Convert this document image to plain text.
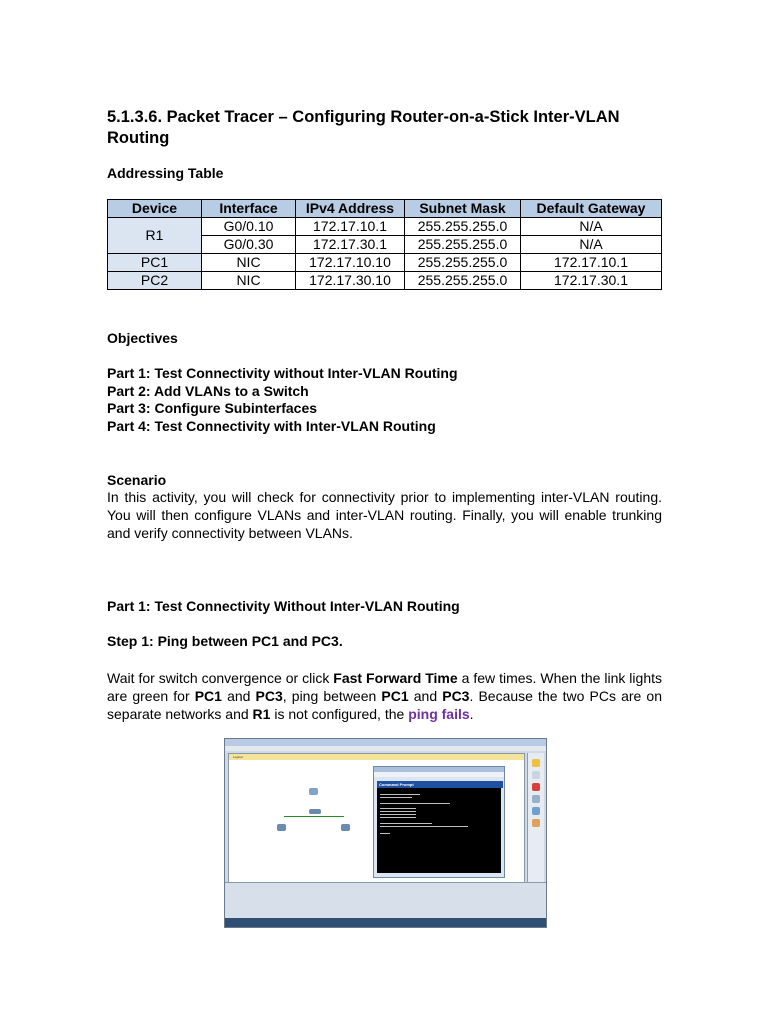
5.1.3.6. Packet Tracer – Configuring Router-on-a-Stick Inter-VLAN Routing
Addressing Table
Device	Interface	IPv4 Address	Subnet Mask	Default Gateway
R1	G0/0.10	172.17.10.1	255.255.255.0	N/A
	G0/0.30	172.17.30.1	255.255.255.0	N/A
PC1	NIC	172.17.10.10	255.255.255.0	172.17.10.1
PC2	NIC	172.17.30.10	255.255.255.0	172.17.30.1
Objectives
Part 1: Test Connectivity without Inter-VLAN Routing
Part 2: Add VLANs to a Switch
Part 3: Configure Subinterfaces
Part 4: Test Connectivity with Inter-VLAN Routing
Scenario
In this activity, you will check for connectivity prior to implementing inter-VLAN routing. You will then configure VLANs and inter-VLAN routing. Finally, you will enable trunking and verify connectivity between VLANs.
Part 1: Test Connectivity Without Inter-VLAN Routing
Step 1: Ping between PC1 and PC3.
Wait for switch convergence or click Fast Forward Time a few times. When the link lights are green for PC1 and PC3, ping between PC1 and PC3. Because the two PCs are on separate networks and R1 is not configured, the ping fails.
Logical
Command Prompt
